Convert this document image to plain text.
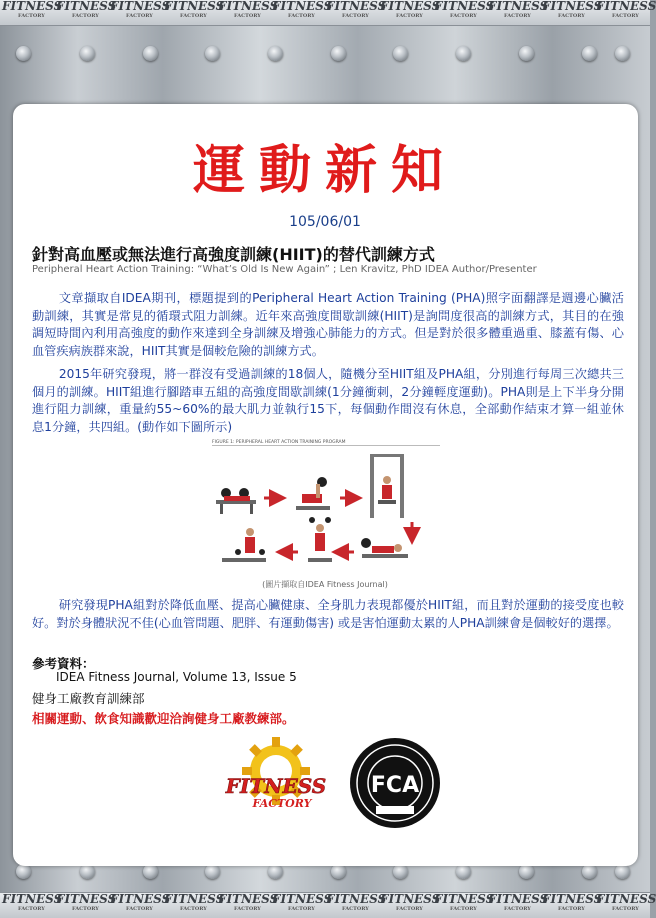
FITNESS
FACTORY
FITNESS
FACTORY
FITNESS
FACTORY
FITNESS
FACTORY
FITNESS
FACTORY
FITNESS
FACTORY
FITNESS
FACTORY
FITNESS
FACTORY
FITNESS
FACTORY
FITNESS
FACTORY
FITNESS
FACTORY
FITNESS
FACTORY
FITNESS
FACTORY
FITNESS
FACTORY
FITNESS
FACTORY
FITNESS
FACTORY
FITNESS
FACTORY
FITNESS
FACTORY
FITNESS
FACTORY
FITNESS
FACTORY
FITNESS
FACTORY
FITNESS
FACTORY
FITNESS
FACTORY
FITNESS
FACTORY
運動新知
105/06/01
針對高血壓或無法進行高強度訓練(HIIT)的替代訓練方式
Peripheral Heart Action Training: “What’s Old Is New Again” ; Len Kravitz, PhD IDEA Author/Presenter
文章擷取自IDEA期刊，標題提到的Peripheral Heart Action Training (PHA)照字面翻譯是週邊心臟活動訓練，其實是常見的循環式阻力訓練。近年來高強度間歇訓練(HIIT)是詢問度很高的訓練方式，其目的在強調短時間內利用高強度的動作來達到全身訓練及增強心肺能力的方式。但是對於很多體重過重、膝蓋有傷、心血管疾病族群來說，HIIT其實是個較危險的訓練方式。
2015年研究發現，將一群沒有受過訓練的18個人，隨機分至HIIT組及PHA組，分別進行每周三次總共三個月的訓練。HIIT組進行腳踏車五組的高強度間歇訓練(1分鐘衝刺，2分鐘輕度運動)。PHA則是上下半身分開進行阻力訓練，重量約55~60%的最大肌力並執行15下，每個動作間沒有休息，全部動作結束才算一組並休息1分鐘，共四組。(動作如下圖所示)
FIGURE 1: PERIPHERAL HEART ACTION TRAINING PROGRAM
(圖片擷取自IDEA Fitness Journal)
研究發現PHA組對於降低血壓、提高心臟健康、全身肌力表現都優於HIIT組，而且對於運動的接受度也較好。對於身體狀況不佳(心血管問題、肥胖、有運動傷害) 或是害怕運動太累的人PHA訓練會是個較好的選擇。
參考資料：
IDEA Fitness Journal, Volume 13, Issue 5
健身工廠教育訓練部
相關運動、飲食知識歡迎洽詢健身工廠教練部。
FITNESS
FACTORY
FCA
